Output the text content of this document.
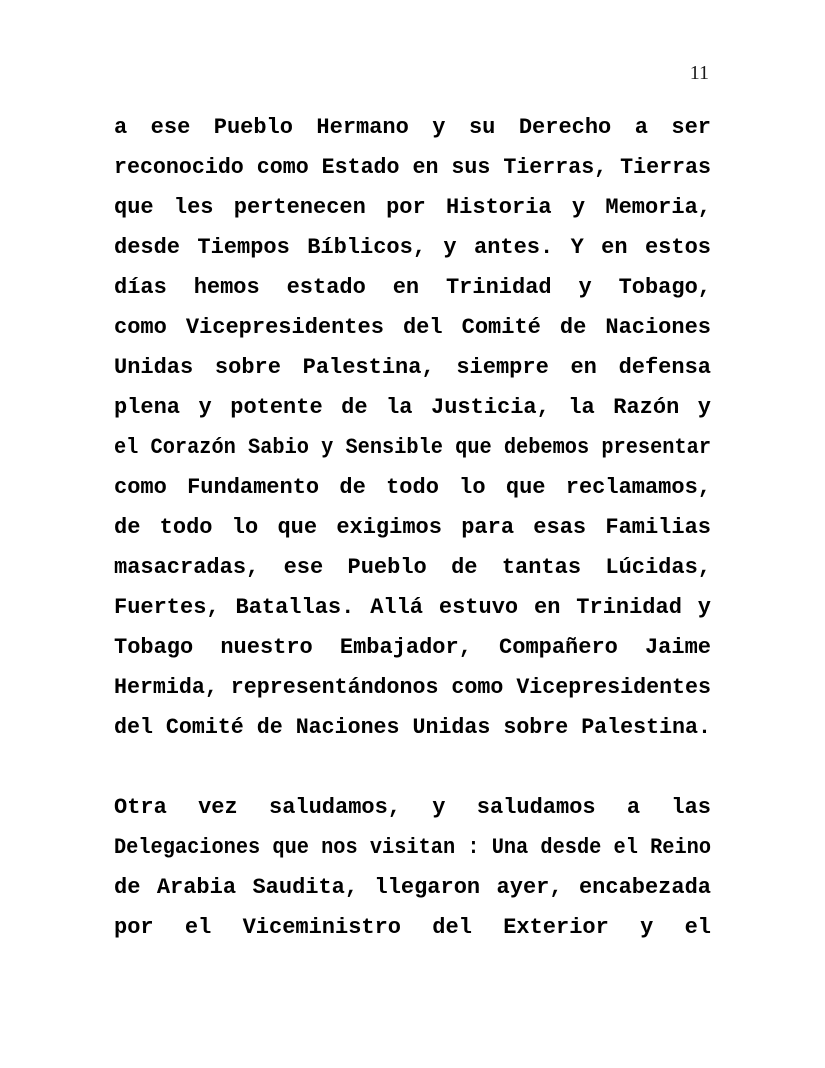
11
a ese Pueblo Hermano y su Derecho a ser
reconocido como Estado en sus Tierras, Tierras
que les pertenecen por Historia y Memoria,
desde Tiempos Bíblicos, y antes. Y en estos
días hemos estado en Trinidad y Tobago,
como Vicepresidentes del Comité de Naciones
Unidas sobre Palestina, siempre en defensa
plena y potente de la Justicia, la Razón y
el Corazón Sabio y Sensible que debemos presentar
como Fundamento de todo lo que reclamamos,
de todo lo que exigimos para esas Familias
masacradas, ese Pueblo de tantas Lúcidas,
Fuertes, Batallas. Allá estuvo en Trinidad y
Tobago nuestro Embajador, Compañero Jaime
Hermida, representándonos como Vicepresidentes
del Comité de Naciones Unidas sobre Palestina.
Otra vez saludamos, y saludamos a las
Delegaciones que nos visitan : Una desde el Reino
de Arabia Saudita, llegaron ayer, encabezada
por el Viceministro del Exterior y el
